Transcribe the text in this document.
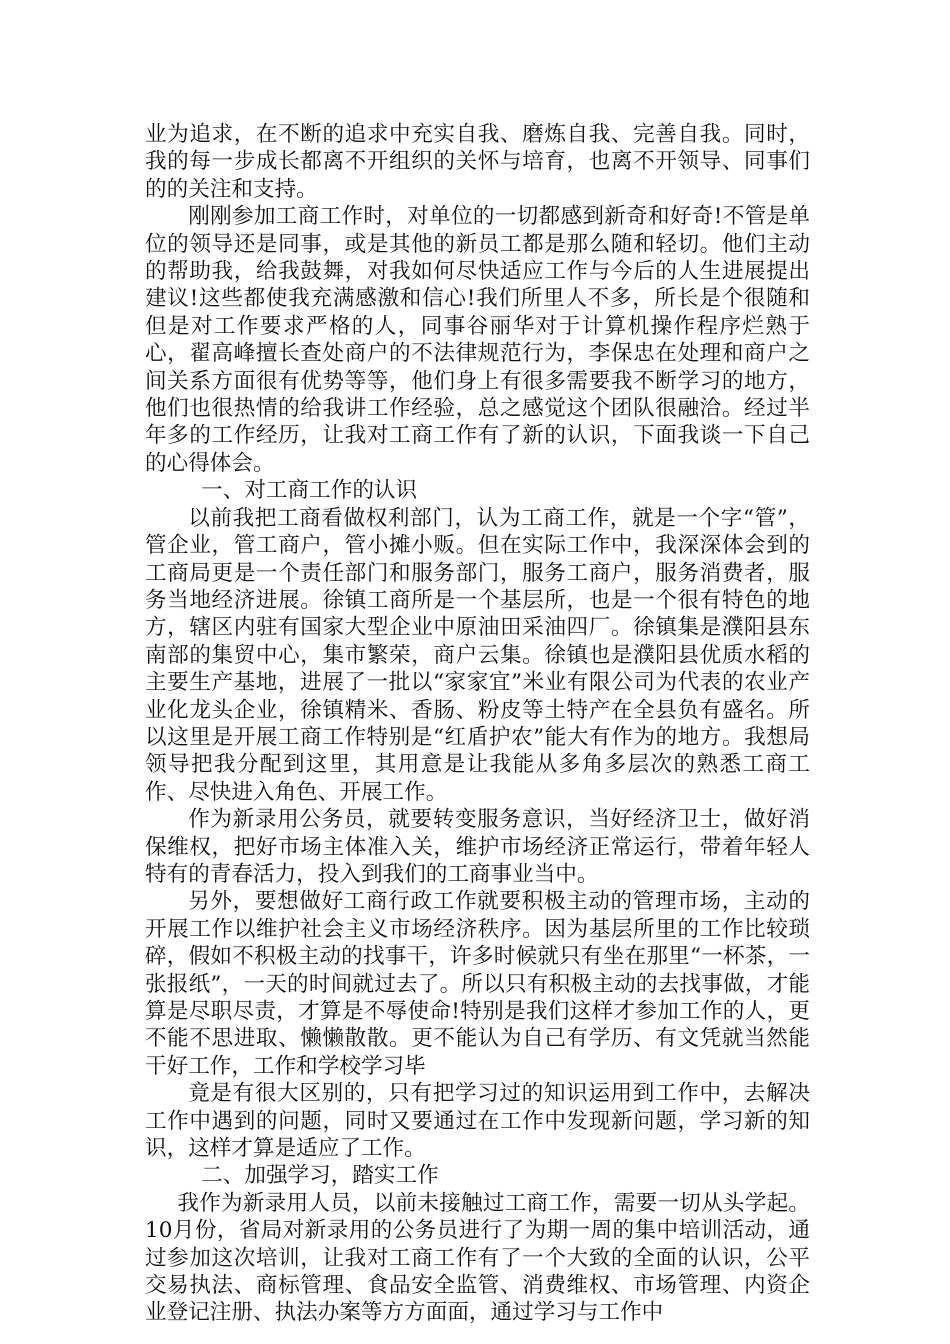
业为追求，在不断的追求中充实自我、磨炼自我、完善自我。同时，我的每一步成长都离不开组织的关怀与培育，也离不开领导、同事们的的关注和支持。

刚刚参加工商工作时，对单位的一切都感到新奇和好奇!不管是单位的领导还是同事，或是其他的新员工都是那么随和轻切。他们主动的帮助我，给我鼓舞，对我如何尽快适应工作与今后的人生进展提出建议!这些都使我充满感激和信心!我们所里人不多，所长是个很随和但是对工作要求严格的人，同事谷丽华对于计算机操作程序烂熟于心，翟高峰擅长查处商户的不法律规范行为，李保忠在处理和商户之间关系方面很有优势等等，他们身上有很多需要我不断学习的地方，他们也很热情的给我讲工作经验，总之感觉这个团队很融洽。经过半年多的工作经历，让我对工商工作有了新的认识，下面我谈一下自己的心得体会。

一、对工商工作的认识

以前我把工商看做权利部门，认为工商工作，就是一个字“管”，管企业，管工商户，管小摊小贩。但在实际工作中，我深深体会到的工商局更是一个责任部门和服务部门，服务工商户，服务消费者，服务当地经济进展。徐镇工商所是一个基层所，也是一个很有特色的地方，辖区内驻有国家大型企业中原油田采油四厂。徐镇集是濮阳县东南部的集贸中心，集市繁荣，商户云集。徐镇也是濮阳县优质水稻的主要生产基地，进展了一批以“家家宜”米业有限公司为代表的农业产业化龙头企业，徐镇精米、香肠、粉皮等土特产在全县负有盛名。所以这里是开展工商工作特别是“红盾护农”能大有作为的地方。我想局领导把我分配到这里，其用意是让我能从多角多层次的熟悉工商工作、尽快进入角色、开展工作。

作为新录用公务员，就要转变服务意识，当好经济卫士，做好消保维权，把好市场主体准入关，维护市场经济正常运行，带着年轻人特有的青春活力，投入到我们的工商事业当中。

另外，要想做好工商行政工作就要积极主动的管理市场，主动的开展工作以维护社会主义市场经济秩序。因为基层所里的工作比较琐碎，假如不积极主动的找事干，许多时候就只有坐在那里“一杯茶，一张报纸”，一天的时间就过去了。所以只有积极主动的去找事做，才能算是尽职尽责，才算是不辱使命!特别是我们这样才参加工作的人，更不能不思进取、懒懒散散。更不能认为自己有学历、有文凭就当然能干好工作，工作和学校学习毕

竟是有很大区别的，只有把学习过的知识运用到工作中，去解决工作中遇到的问题，同时又要通过在工作中发现新问题，学习新的知识，这样才算是适应了工作。

二、加强学习，踏实工作

我作为新录用人员，以前未接触过工商工作，需要一切从头学起。10月份，省局对新录用的公务员进行了为期一周的集中培训活动，通过参加这次培训，让我对工商工作有了一个大致的全面的认识，公平交易执法、商标管理、食品安全监管、消费维权、市场管理、内资企业登记注册、执法办案等方方面面，通过学习与工作中
